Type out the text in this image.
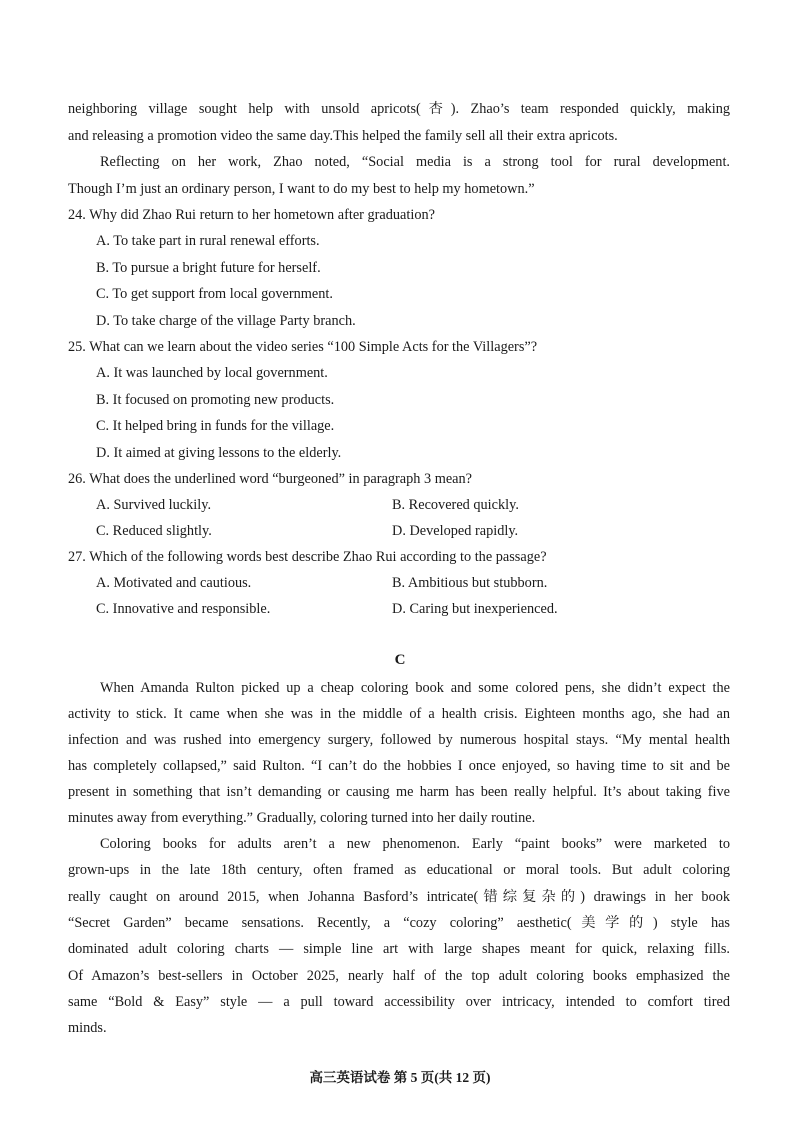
neighboring village sought help with unsold apricots(杏). Zhao’s team responded quickly, making
and releasing a promotion video the same day.This helped the family sell all their extra apricots.
Reflecting on her work, Zhao noted, “Social media is a strong tool for rural development.
Though I’m just an ordinary person, I want to do my best to help my hometown.”
24. Why did Zhao Rui return to her hometown after graduation?
A. To take part in rural renewal efforts.
B. To pursue a bright future for herself.
C. To get support from local government.
D. To take charge of the village Party branch.
25. What can we learn about the video series “100 Simple Acts for the Villagers”?
A. It was launched by local government.
B. It focused on promoting new products.
C. It helped bring in funds for the village.
D. It aimed at giving lessons to the elderly.
26. What does the underlined word “burgeoned” in paragraph 3 mean?
A. Survived luckily.	B. Recovered quickly.
C. Reduced slightly.	D. Developed rapidly.
27. Which of the following words best describe Zhao Rui according to the passage?
A. Motivated and cautious.	B. Ambitious but stubborn.
C. Innovative and responsible.	D. Caring but inexperienced.
C
When Amanda Rulton picked up a cheap coloring book and some colored pens, she didn’t expect the
activity to stick. It came when she was in the middle of a health crisis. Eighteen months ago, she had an
infection and was rushed into emergency surgery, followed by numerous hospital stays. “My mental health
has completely collapsed,” said Rulton. “I can’t do the hobbies I once enjoyed, so having time to sit and be
present in something that isn’t demanding or causing me harm has been really helpful. It’s about taking five
minutes away from everything.” Gradually, coloring turned into her daily routine.
Coloring books for adults aren’t a new phenomenon. Early “paint books” were marketed to
grown-ups in the late 18th century, often framed as educational or moral tools. But adult coloring
really caught on around 2015, when Johanna Basford’s intricate(错综复杂的) drawings in her book
“Secret Garden” became sensations. Recently, a “cozy coloring” aesthetic(美学的) style has
dominated adult coloring charts — simple line art with large shapes meant for quick, relaxing fills.
Of Amazon’s best-sellers in October 2025, nearly half of the top adult coloring books emphasized the
same “Bold & Easy” style — a pull toward accessibility over intricacy, intended to comfort tired
minds.
高三英语试卷 第 5 页(共 12 页)
